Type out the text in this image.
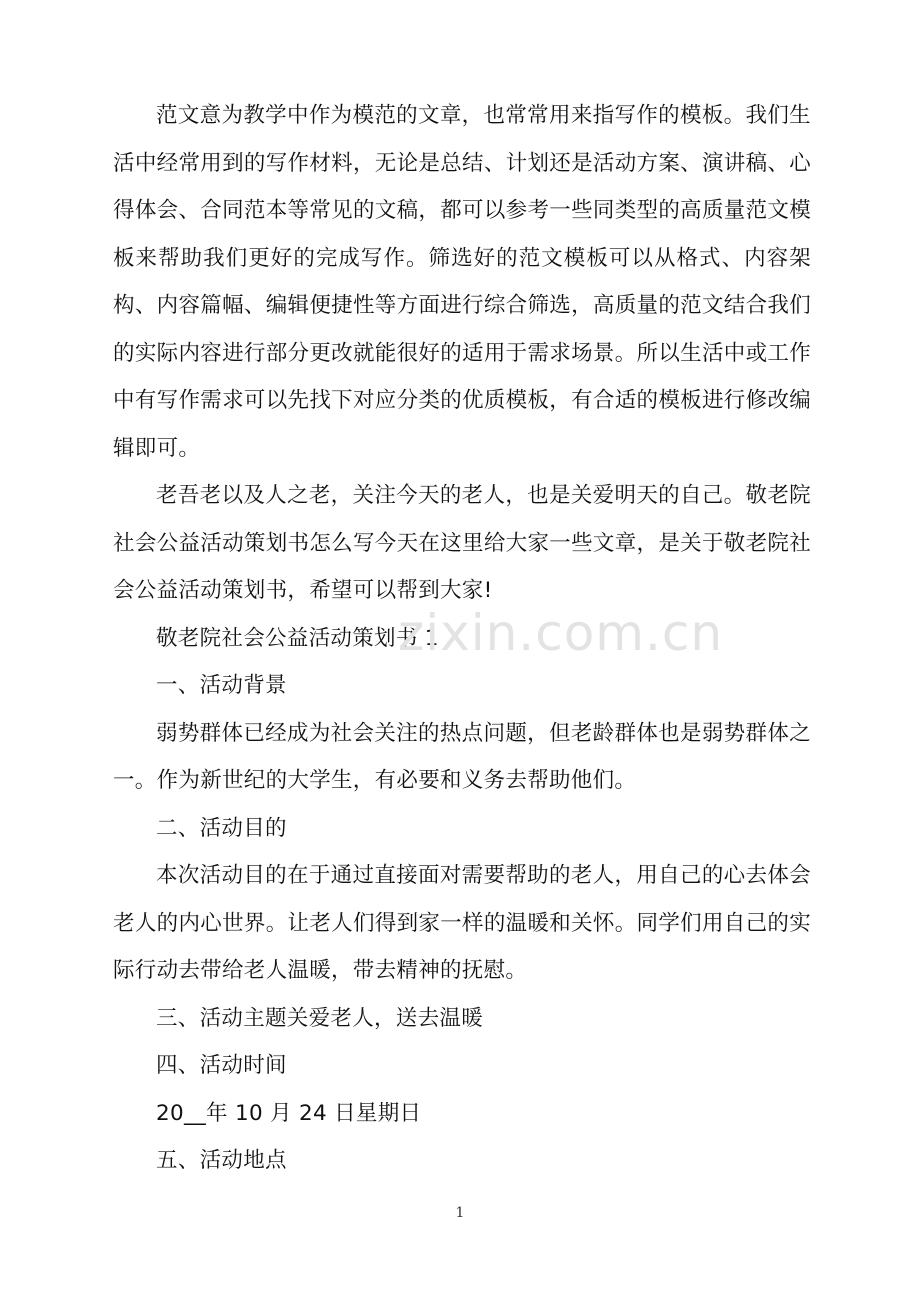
范文意为教学中作为模范的文章，也常常用来指写作的模板。我们生活中经常用到的写作材料，无论是总结、计划还是活动方案、演讲稿、心得体会、合同范本等常见的文稿，都可以参考一些同类型的高质量范文模板来帮助我们更好的完成写作。筛选好的范文模板可以从格式、内容架构、内容篇幅、编辑便捷性等方面进行综合筛选，高质量的范文结合我们的实际内容进行部分更改就能很好的适用于需求场景。所以生活中或工作中有写作需求可以先找下对应分类的优质模板，有合适的模板进行修改编辑即可。

老吾老以及人之老，关注今天的老人，也是关爱明天的自己。敬老院社会公益活动策划书怎么写今天在这里给大家一些文章，是关于敬老院社会公益活动策划书，希望可以帮到大家!

敬老院社会公益活动策划书 1

一、活动背景

弱势群体已经成为社会关注的热点问题，但老龄群体也是弱势群体之一。作为新世纪的大学生，有必要和义务去帮助他们。

二、活动目的

本次活动目的在于通过直接面对需要帮助的老人，用自己的心去体会老人的内心世界。让老人们得到家一样的温暖和关怀。同学们用自己的实际行动去带给老人温暖，带去精神的抚慰。

三、活动主题关爱老人，送去温暖

四、活动时间

20__年 10 月 24 日星期日

五、活动地点

zixin.com.cn
1
